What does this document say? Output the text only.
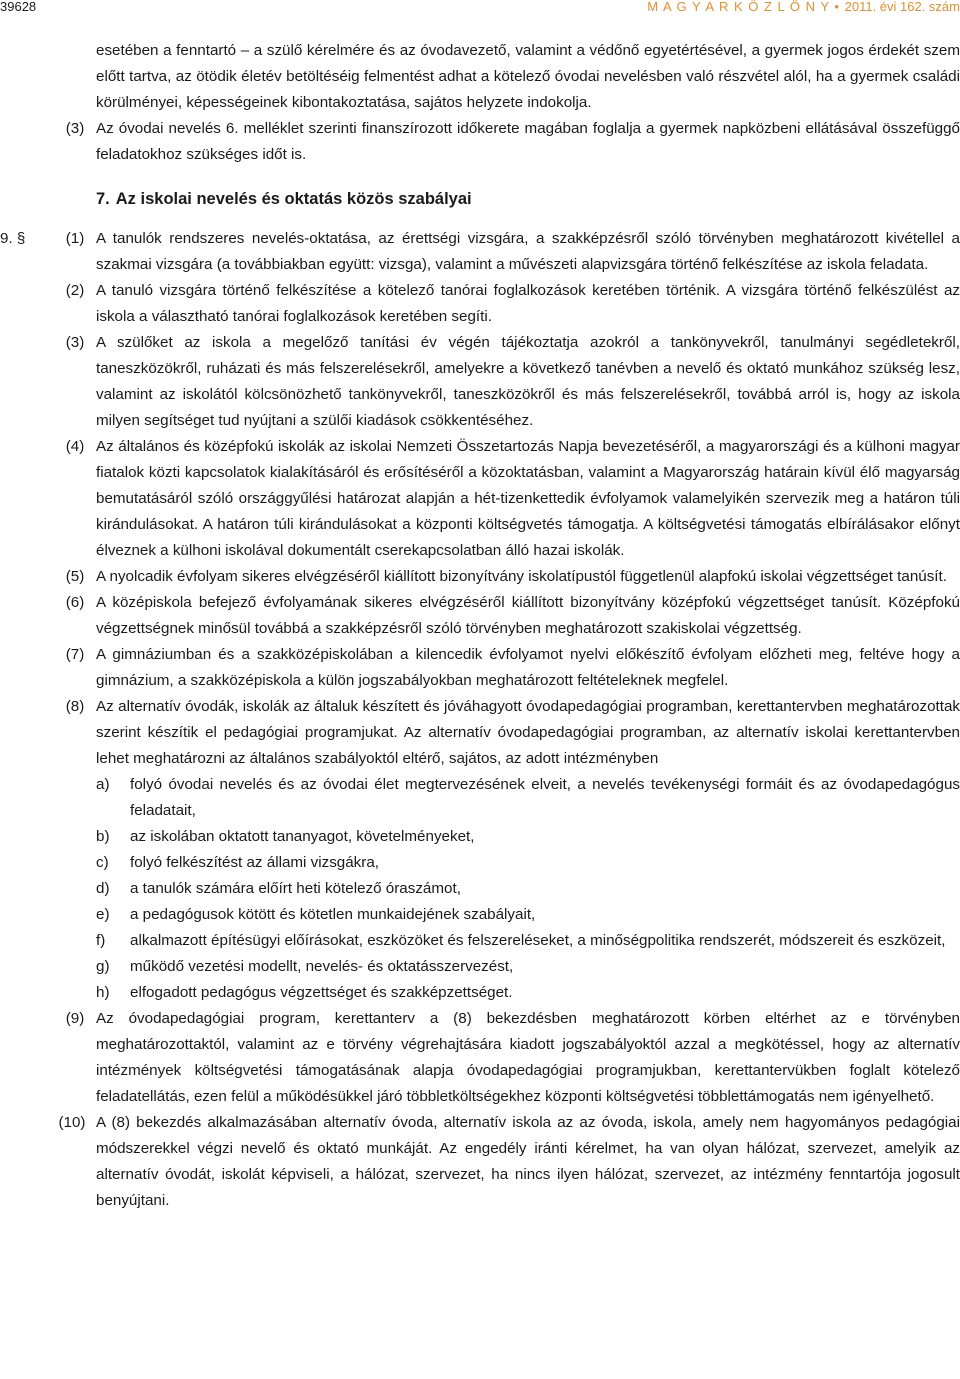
39628	M A G Y A R K Ö Z L Ö N Y • 2011. évi 162. szám
esetében a fenntartó – a szülő kérelmére és az óvodavezető, valamint a védőnő egyetértésével, a gyermek jogos érdekét szem előtt tartva, az ötödik életév betöltéséig felmentést adhat a kötelező óvodai nevelésben való részvétel alól, ha a gyermek családi körülményei, képességeinek kibontakoztatása, sajátos helyzete indokolja.
(3) Az óvodai nevelés 6. melléklet szerinti finanszírozott időkerete magában foglalja a gyermek napközbeni ellátásával összefüggő feladatokhoz szükséges időt is.
7. Az iskolai nevelés és oktatás közös szabályai
9. §	(1) A tanulók rendszeres nevelés-oktatása, az érettségi vizsgára, a szakképzésről szóló törvényben meghatározott kivétellel a szakmai vizsgára (a továbbiakban együtt: vizsga), valamint a művészeti alapvizsgára történő felkészítése az iskola feladata.
(2) A tanuló vizsgára történő felkészítése a kötelező tanórai foglalkozások keretében történik. A vizsgára történő felkészülést az iskola a választható tanórai foglalkozások keretében segíti.
(3) A szülőket az iskola a megelőző tanítási év végén tájékoztatja azokról a tankönyvekről, tanulmányi segédletekről, taneszközökről, ruházati és más felszerelésekről, amelyekre a következő tanévben a nevelő és oktató munkához szükség lesz, valamint az iskolától kölcsönözhető tankönyvekről, taneszközökről és más felszerelésekről, továbbá arról is, hogy az iskola milyen segítséget tud nyújtani a szülői kiadások csökkentéséhez.
(4) Az általános és középfokú iskolák az iskolai Nemzeti Összetartozás Napja bevezetéséről, a magyarországi és a külhoni magyar fiatalok közti kapcsolatok kialakításáról és erősítéséről a közoktatásban, valamint a Magyarország határain kívül élő magyarság bemutatásáról szóló országgyűlési határozat alapján a hét-tizenkettedik évfolyamok valamelyikén szervezik meg a határon túli kirándulásokat. A határon túli kirándulásokat a központi költségvetés támogatja. A költségvetési támogatás elbírálásakor előnyt élveznek a külhoni iskolával dokumentált cserekapcsolatban álló hazai iskolák.
(5) A nyolcadik évfolyam sikeres elvégzéséről kiállított bizonyítvány iskolatípustól függetlenül alapfokú iskolai végzettséget tanúsít.
(6) A középiskola befejező évfolyamának sikeres elvégzéséről kiállított bizonyítvány középfokú végzettséget tanúsít. Középfokú végzettségnek minősül továbbá a szakképzésről szóló törvényben meghatározott szakiskolai végzettség.
(7) A gimnáziumban és a szakközépiskolában a kilencedik évfolyamot nyelvi előkészítő évfolyam előzheti meg, feltéve hogy a gimnázium, a szakközépiskola a külön jogszabályokban meghatározott feltételeknek megfelel.
(8) Az alternatív óvodák, iskolák az általuk készített és jóváhagyott óvodapedagógiai programban, kerettantervben meghatározottak szerint készítik el pedagógiai programjukat. Az alternatív óvodapedagógiai programban, az alternatív iskolai kerettantervben lehet meghatározni az általános szabályoktól eltérő, sajátos, az adott intézményben
a) folyó óvodai nevelés és az óvodai élet megtervezésének elveit, a nevelés tevékenységi formáit és az óvodapedagógus feladatait,
b) az iskolában oktatott tananyagot, követelményeket,
c) folyó felkészítést az állami vizsgákra,
d) a tanulók számára előírt heti kötelező óraszámot,
e) a pedagógusok kötött és kötetlen munkaidejének szabályait,
f) alkalmazott építésügyi előírásokat, eszközöket és felszereléseket, a minőségpolitika rendszerét, módszereit és eszközeit,
g) működő vezetési modellt, nevelés- és oktatásszervezést,
h) elfogadott pedagógus végzettséget és szakképzettséget.
(9) Az óvodapedagógiai program, kerettanterv a (8) bekezdésben meghatározott körben eltérhet az e törvényben meghatározottaktól, valamint az e törvény végrehajtására kiadott jogszabályoktól azzal a megkötéssel, hogy az alternatív intézmények költségvetési támogatásának alapja óvodapedagógiai programjukban, kerettantervükben foglalt kötelező feladatellátás, ezen felül a működésükkel járó többletköltségekhez központi költségvetési többlettámogatás nem igényelhető.
(10) A (8) bekezdés alkalmazásában alternatív óvoda, alternatív iskola az az óvoda, iskola, amely nem hagyományos pedagógiai módszerekkel végzi nevelő és oktató munkáját. Az engedély iránti kérelmet, ha van olyan hálózat, szervezet, amelyik az alternatív óvodát, iskolát képviseli, a hálózat, szervezet, ha nincs ilyen hálózat, szervezet, az intézmény fenntartója jogosult benyújtani.
